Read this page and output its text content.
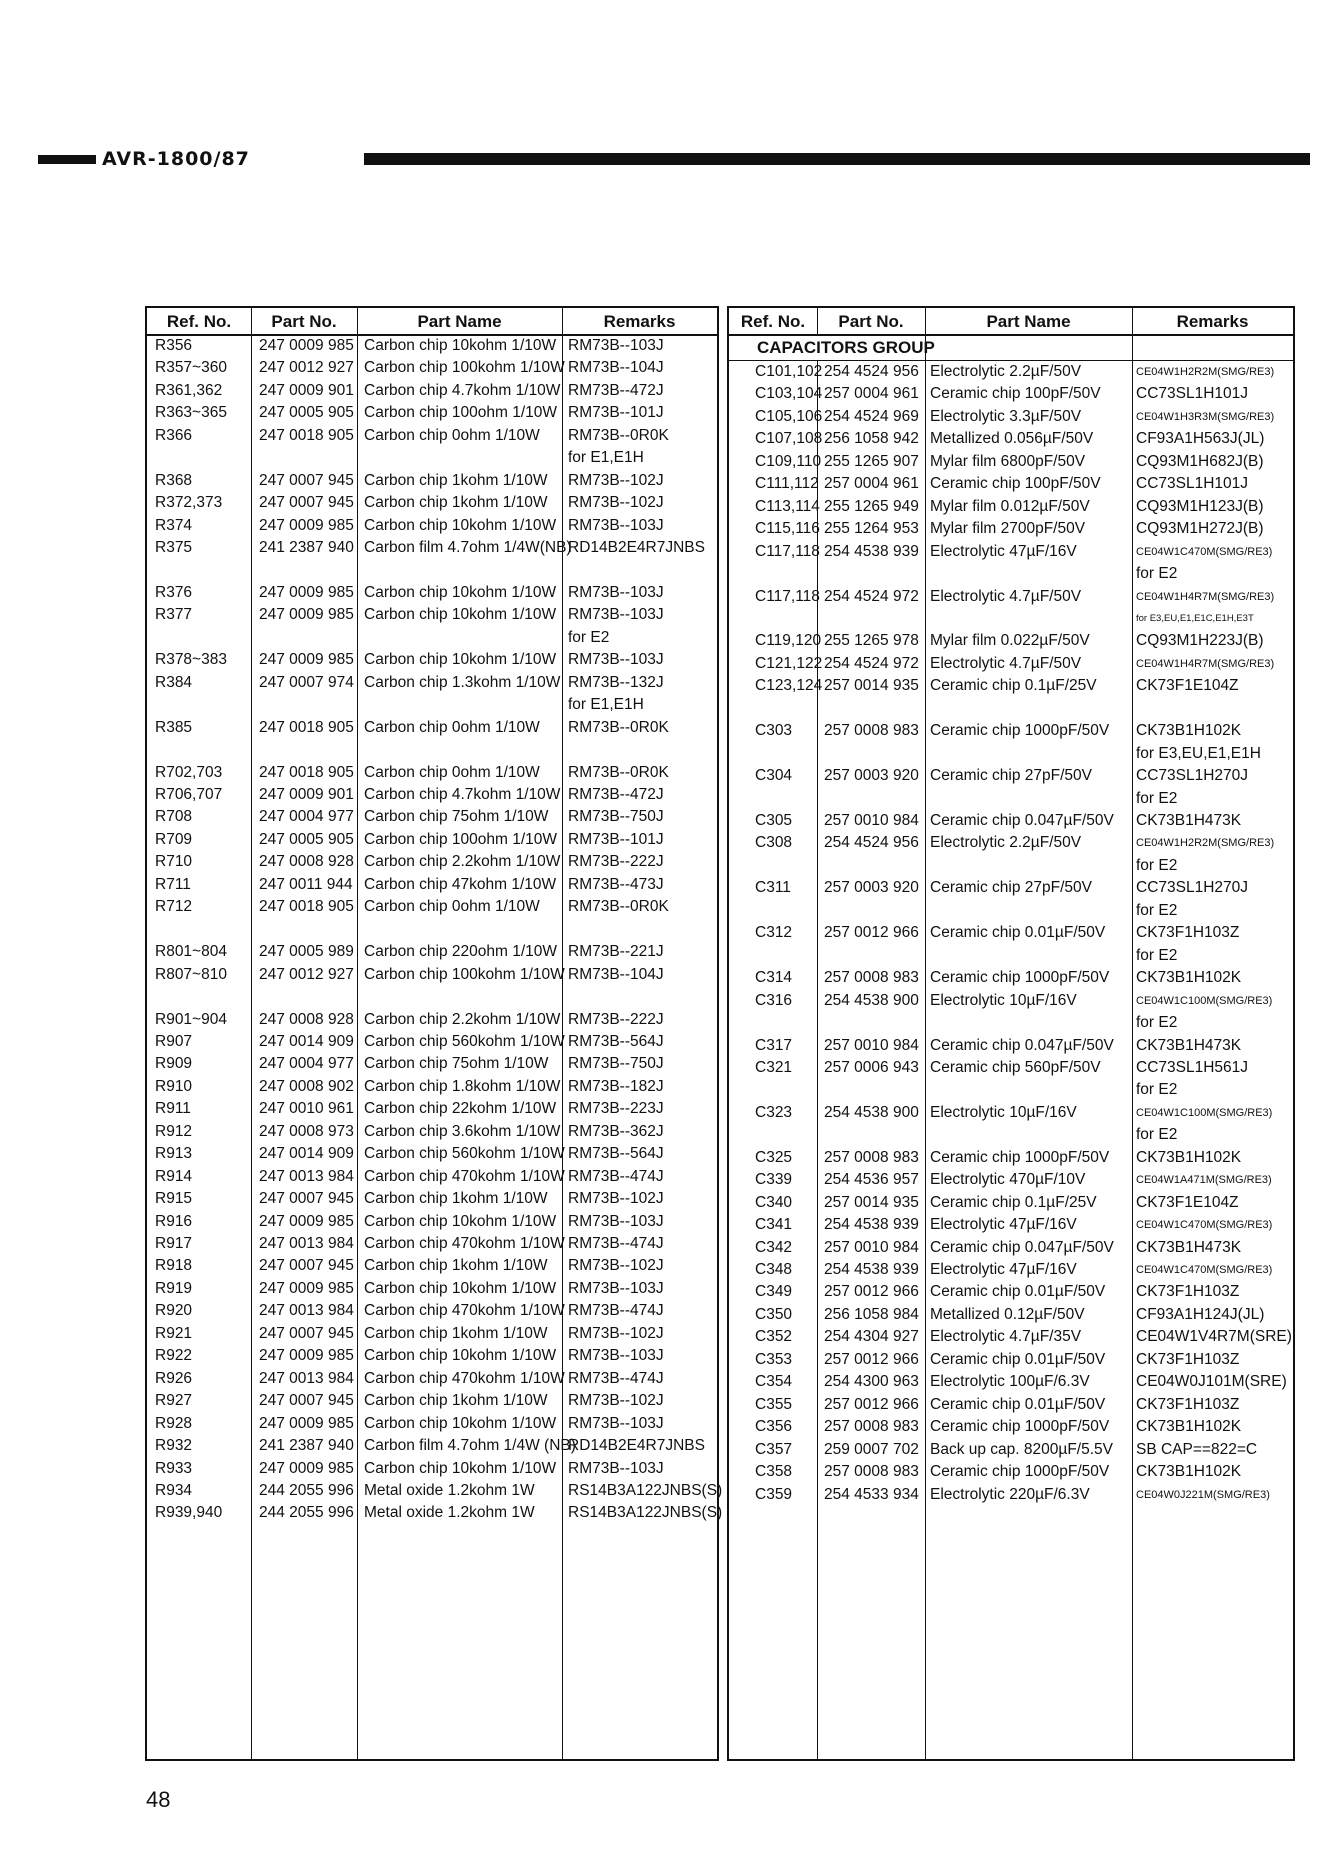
AVR-1800/87
Ref. No.	Part No.	Part Name	Remarks
R356	247 0009 985 Carbon chip 10kohm 1/10W RM73B--103J
R357~360 247 0012 927 Carbon chip 100kohm 1/10W RM73B--104J
R361,362 247 0009 901 Carbon chip 4.7kohm 1/10W RM73B--472J
R363~365 247 0005 905 Carbon chip 100ohm 1/10W RM73B--101J
R366	247 0018 905 Carbon chip 0ohm 1/10W RM73B--0R0K
for E1,E1H
R368	247 0007 945 Carbon chip 1kohm 1/10W RM73B--102J
R372,373 247 0007 945 Carbon chip 1kohm 1/10W RM73B--102J
R374	247 0009 985 Carbon chip 10kohm 1/10W RM73B--103J
R375	241 2387 940 Carbon film 4.7ohm 1/4W(NB)
RD14B2E4R7JNBS
R376	247 0009 985 Carbon chip 10kohm 1/10W RM73B--103J
R377	247 0009 985 Carbon chip 10kohm 1/10W RM73B--103J
for E2
R378~383 247 0009 985 Carbon chip 10kohm 1/10W RM73B--103J
R384	247 0007 974 Carbon chip 1.3kohm 1/10W RM73B--132J
for E1,E1H
R385	247 0018 905 Carbon chip 0ohm 1/10W RM73B--0R0K
R702,703 247 0018 905 Carbon chip 0ohm 1/10W RM73B--0R0K
R706,707 247 0009 901 Carbon chip 4.7kohm 1/10W RM73B--472J
R708	247 0004 977 Carbon chip 75ohm 1/10W RM73B--750J
R709	247 0005 905 Carbon chip 100ohm 1/10W RM73B--101J
R710	247 0008 928 Carbon chip 2.2kohm 1/10W RM73B--222J
R711	247 0011 944 Carbon chip 47kohm 1/10W RM73B--473J
R712	247 0018 905 Carbon chip 0ohm 1/10W RM73B--0R0K
R801~804 247 0005 989 Carbon chip 220ohm 1/10W RM73B--221J
R807~810 247 0012 927 Carbon chip 100kohm 1/10W RM73B--104J
R901~904 247 0008 928 Carbon chip 2.2kohm 1/10W RM73B--222J
R907	247 0014 909 Carbon chip 560kohm 1/10W RM73B--564J
R909	247 0004 977 Carbon chip 75ohm 1/10W RM73B--750J
R910	247 0008 902 Carbon chip 1.8kohm 1/10W RM73B--182J
R911	247 0010 961 Carbon chip 22kohm 1/10W RM73B--223J
R912	247 0008 973 Carbon chip 3.6kohm 1/10W RM73B--362J
R913	247 0014 909 Carbon chip 560kohm 1/10W RM73B--564J
R914	247 0013 984 Carbon chip 470kohm 1/10W RM73B--474J
R915	247 0007 945 Carbon chip 1kohm 1/10W RM73B--102J
R916	247 0009 985 Carbon chip 10kohm 1/10W RM73B--103J
R917	247 0013 984 Carbon chip 470kohm 1/10W RM73B--474J
R918	247 0007 945 Carbon chip 1kohm 1/10W RM73B--102J
R919	247 0009 985 Carbon chip 10kohm 1/10W RM73B--103J
R920	247 0013 984 Carbon chip 470kohm 1/10W RM73B--474J
R921	247 0007 945 Carbon chip 1kohm 1/10W RM73B--102J
R922	247 0009 985 Carbon chip 10kohm 1/10W RM73B--103J
R926	247 0013 984 Carbon chip 470kohm 1/10W RM73B--474J
R927	247 0007 945 Carbon chip 1kohm 1/10W RM73B--102J
R928	247 0009 985 Carbon chip 10kohm 1/10W RM73B--103J
R932	241 2387 940 Carbon film 4.7ohm 1/4W (NB)
RD14B2E4R7JNBS
R933	247 0009 985 Carbon chip 10kohm 1/10W RM73B--103J
R934	244 2055 996 Metal oxide 1.2kohm 1W RS14B3A122JNBS(S)
R939,940 244 2055 996 Metal oxide 1.2kohm 1W RS14B3A122JNBS(S)
Ref. No.	Part No.	Part Name	Remarks
CAPACITORS GROUP
C101,102 254 4524 956 Electrolytic 2.2µF/50V	CE04W1H2R2M(SMG/RE3)
C103,104 257 0004 961 Ceramic chip 100pF/50V CC73SL1H101J
C105,106 254 4524 969 Electrolytic 3.3µF/50V	CE04W1H3R3M(SMG/RE3)
C107,108 256 1058 942 Metallized 0.056µF/50V	CF93A1H563J(JL)
C109,110 255 1265 907 Mylar film 6800pF/50V	CQ93M1H682J(B)
C111,112 257 0004 961 Ceramic chip 100pF/50V CC73SL1H101J
C113,114 255 1265 949 Mylar film 0.012µF/50V	CQ93M1H123J(B)
C115,116 255 1264 953 Mylar film 2700pF/50V	CQ93M1H272J(B)
C117,118 254 4538 939 Electrolytic 47µF/16V	CE04W1C470M(SMG/RE3)
for E2
C117,118 254 4524 972 Electrolytic 4.7µF/50V	CE04W1H4R7M(SMG/RE3)
for E3,EU,E1,E1C,E1H,E3T
C119,120 255 1265 978 Mylar film 0.022µF/50V	CQ93M1H223J(B)
C121,122 254 4524 972 Electrolytic 4.7µF/50V	CE04W1H4R7M(SMG/RE3)
C123,124 257 0014 935 Ceramic chip 0.1µF/25V	CK73F1E104Z
C303 257 0008 983 Ceramic chip 1000pF/50V CK73B1H102K
for E3,EU,E1,E1H
C304 257 0003 920 Ceramic chip 27pF/50V	CC73SL1H270J
for E2
C305 257 0010 984 Ceramic chip 0.047µF/50V CK73B1H473K
C308 254 4524 956 Electrolytic 2.2µF/50V	CE04W1H2R2M(SMG/RE3)
for E2
C311 257 0003 920 Ceramic chip 27pF/50V	CC73SL1H270J
for E2
C312 257 0012 966 Ceramic chip 0.01µF/50V CK73F1H103Z
for E2
C314 257 0008 983 Ceramic chip 1000pF/50V CK73B1H102K
C316 254 4538 900 Electrolytic 10µF/16V	CE04W1C100M(SMG/RE3)
for E2
C317 257 0010 984 Ceramic chip 0.047µF/50V CK73B1H473K
C321 257 0006 943 Ceramic chip 560pF/50V CC73SL1H561J
for E2
C323 254 4538 900 Electrolytic 10µF/16V	CE04W1C100M(SMG/RE3)
for E2
C325 257 0008 983 Ceramic chip 1000pF/50V CK73B1H102K
C339 254 4536 957 Electrolytic 470µF/10V	CE04W1A471M(SMG/RE3)
C340 257 0014 935 Ceramic chip 0.1µF/25V	CK73F1E104Z
C341 254 4538 939 Electrolytic 47µF/16V	CE04W1C470M(SMG/RE3)
C342 257 0010 984 Ceramic chip 0.047µF/50V CK73B1H473K
C348 254 4538 939 Electrolytic 47µF/16V	CE04W1C470M(SMG/RE3)
C349 257 0012 966 Ceramic chip 0.01µF/50V CK73F1H103Z
C350 256 1058 984 Metallized 0.12µF/50V	CF93A1H124J(JL)
C352 254 4304 927 Electrolytic 4.7µF/35V	CE04W1V4R7M(SRE)
C353 257 0012 966 Ceramic chip 0.01µF/50V CK73F1H103Z
C354 254 4300 963 Electrolytic 100µF/6.3V	CE04W0J101M(SRE)
C355 257 0012 966 Ceramic chip 0.01µF/50V CK73F1H103Z
C356 257 0008 983 Ceramic chip 1000pF/50V CK73B1H102K
C357 259 0007 702 Back up cap. 8200µF/5.5V SB CAP==822=C
C358 257 0008 983 Ceramic chip 1000pF/50V CK73B1H102K
C359 254 4533 934 Electrolytic 220µF/6.3V	CE04W0J221M(SMG/RE3)
48
